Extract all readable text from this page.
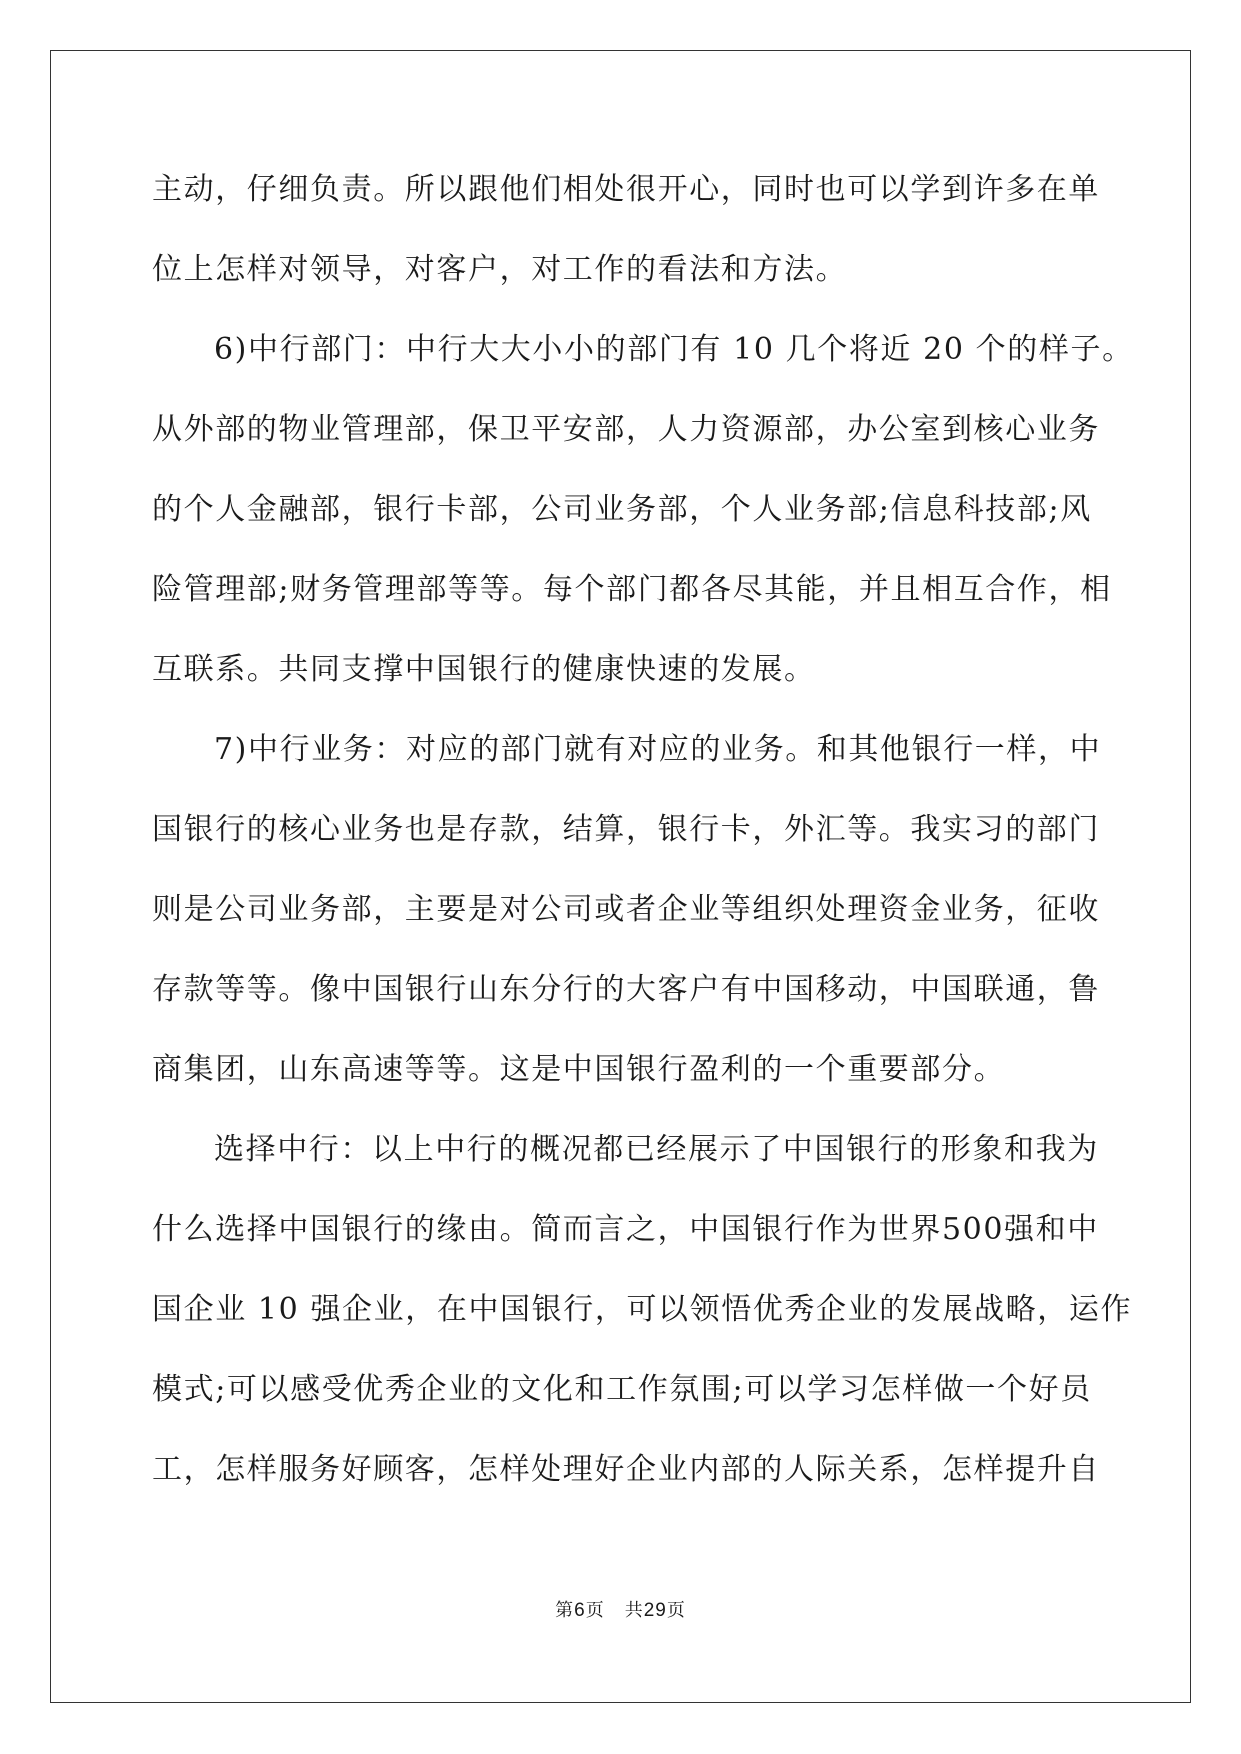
主动，仔细负责。所以跟他们相处很开心，同时也可以学到许多在单
位上怎样对领导，对客户，对工作的看法和方法。
6)中行部门：中行大大小小的部门有 10 几个将近 20 个的样子。
从外部的物业管理部，保卫平安部，人力资源部，办公室到核心业务
的个人金融部，银行卡部，公司业务部，个人业务部;信息科技部;风
险管理部;财务管理部等等。每个部门都各尽其能，并且相互合作，相
互联系。共同支撑中国银行的健康快速的发展。
7)中行业务：对应的部门就有对应的业务。和其他银行一样，中
国银行的核心业务也是存款，结算，银行卡，外汇等。我实习的部门
则是公司业务部，主要是对公司或者企业等组织处理资金业务，征收
存款等等。像中国银行山东分行的大客户有中国移动，中国联通，鲁
商集团，山东高速等等。这是中国银行盈利的一个重要部分。
选择中行：以上中行的概况都已经展示了中国银行的形象和我为
什么选择中国银行的缘由。简而言之，中国银行作为世界500强和中
国企业 10 强企业，在中国银行，可以领悟优秀企业的发展战略，运作
模式;可以感受优秀企业的文化和工作氛围;可以学习怎样做一个好员
工，怎样服务好顾客，怎样处理好企业内部的人际关系，怎样提升自
第6页 共29页
